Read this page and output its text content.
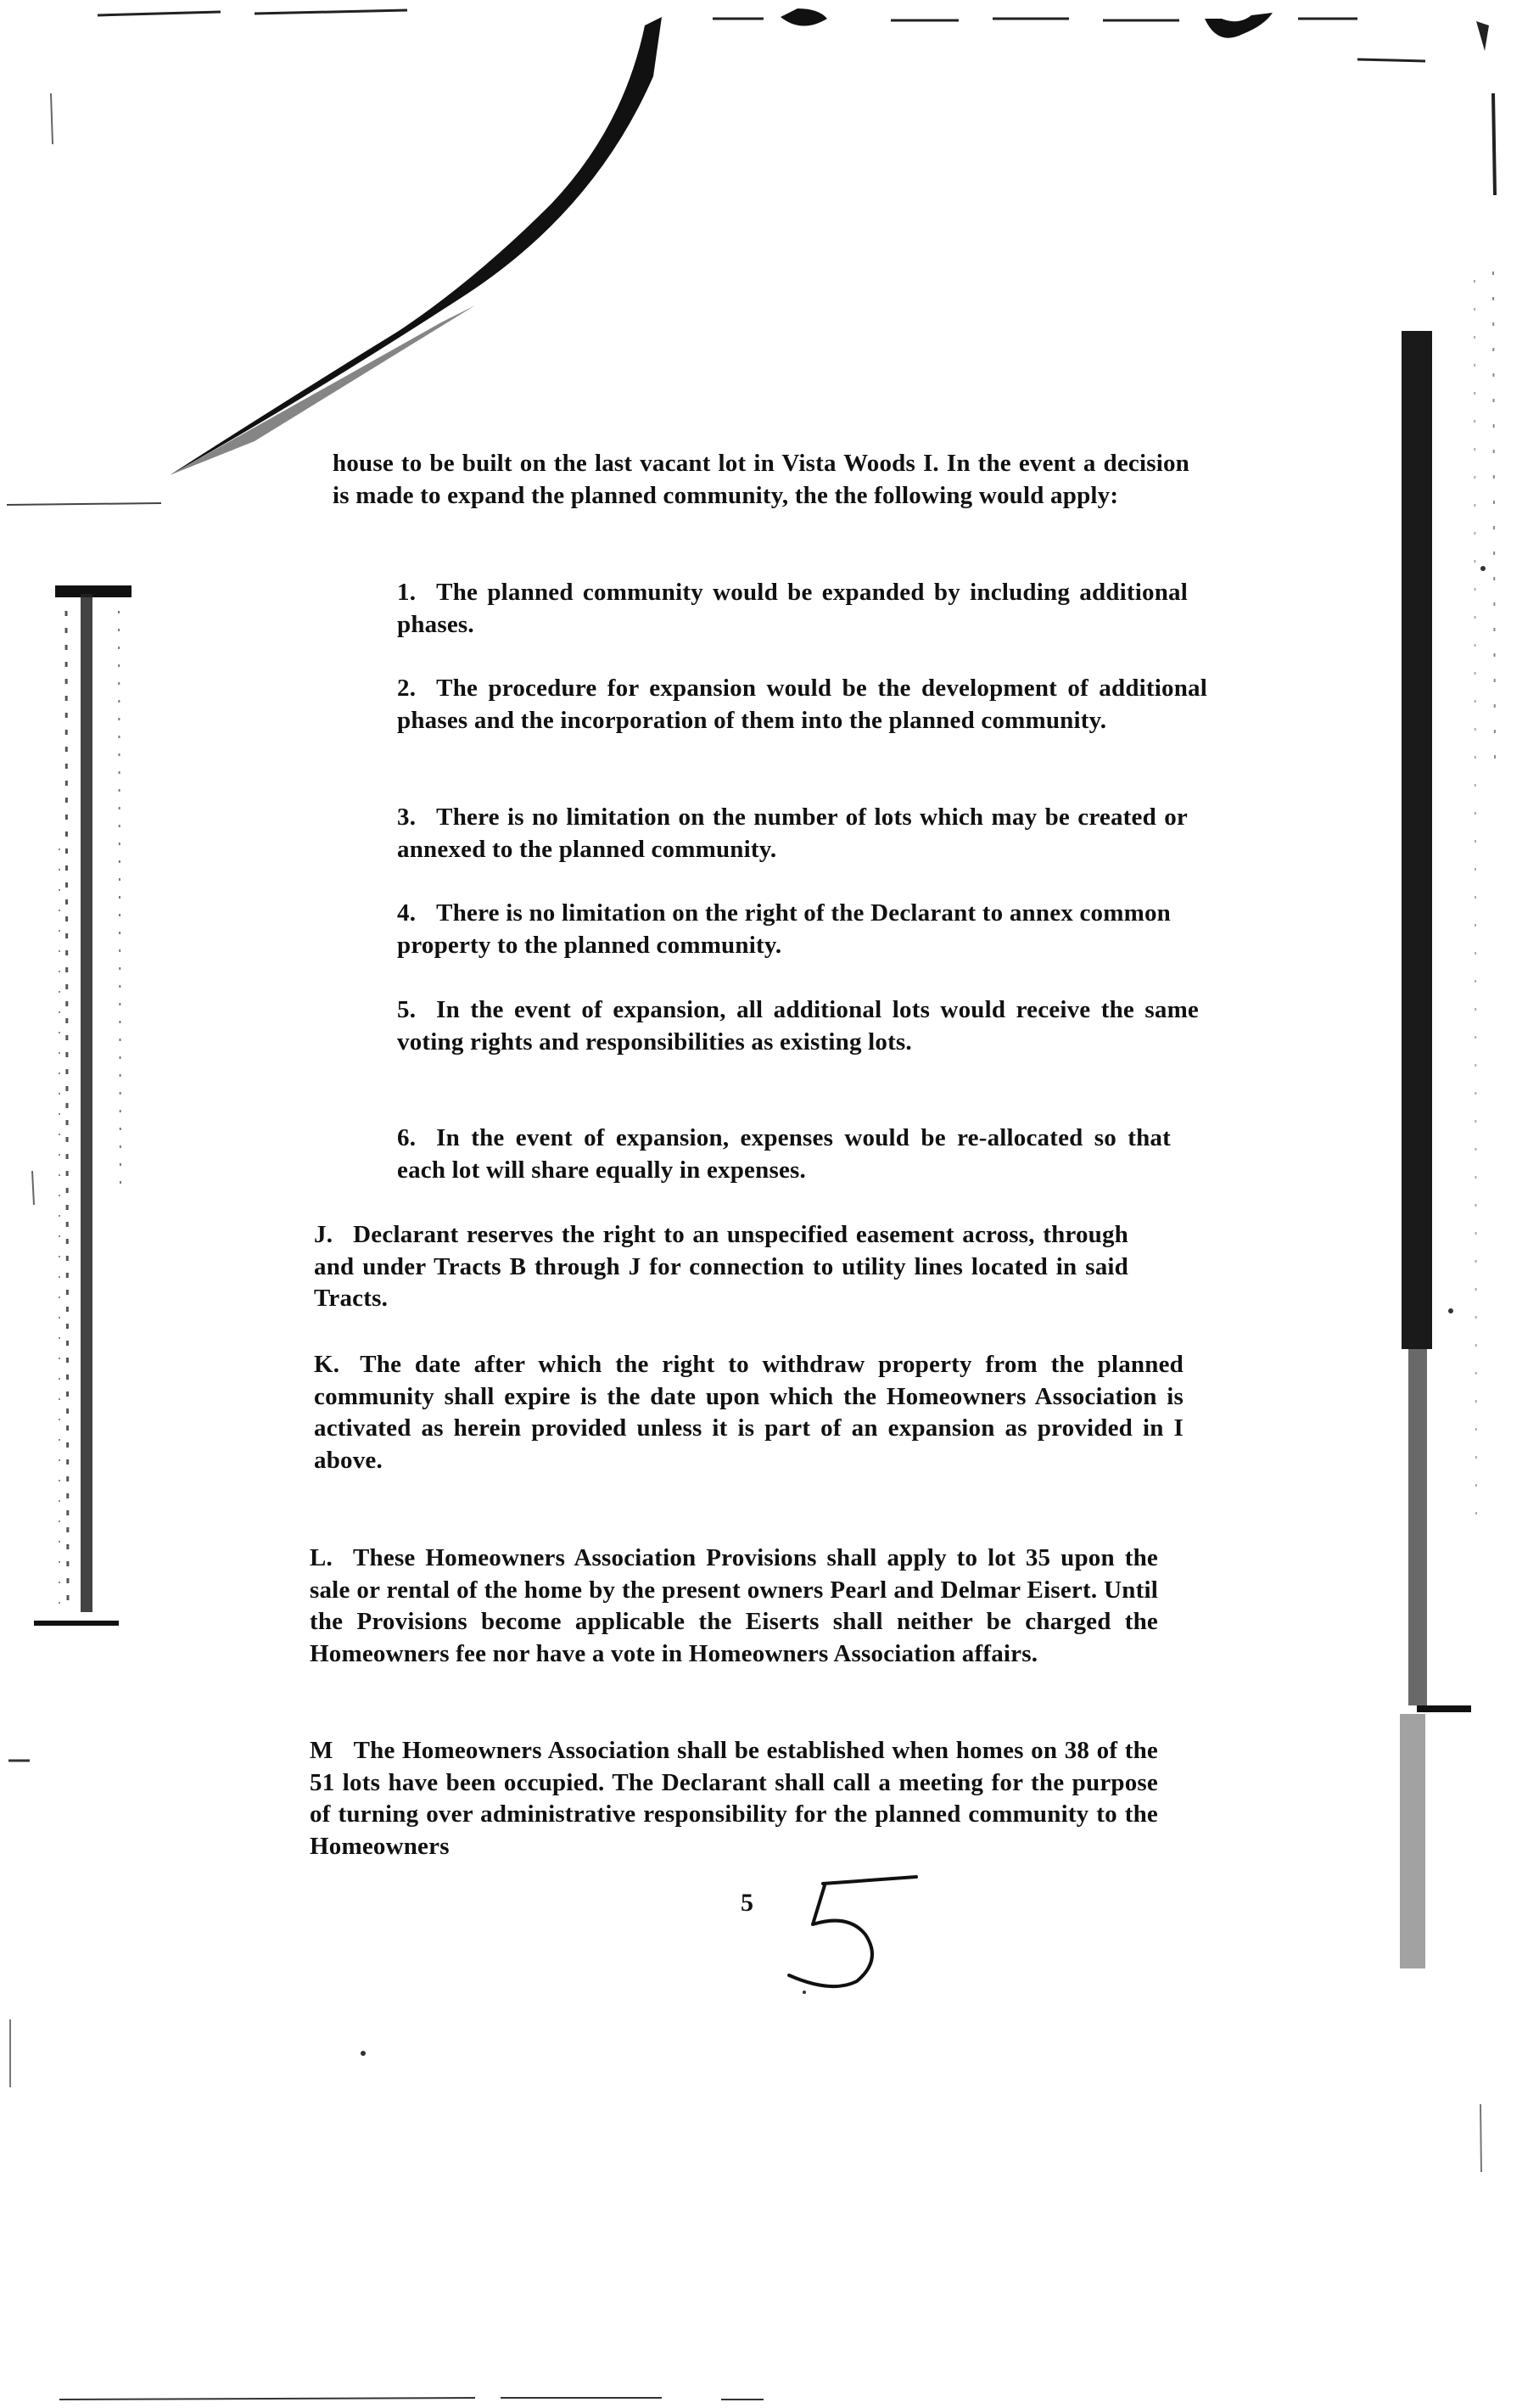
house to be built on the last vacant lot in Vista Woods I. In the event a decision is made to expand the planned community, the the following would apply:
1. The planned community would be expanded by including additional phases.
2. The procedure for expansion would be the development of additional phases and the incorporation of them into the planned community.
3. There is no limitation on the number of lots which may be created or annexed to the planned community.
4. There is no limitation on the right of the Declarant to annex common property to the planned community.
5. In the event of expansion, all additional lots would receive the same voting rights and responsibilities as existing lots.
6. In the event of expansion, expenses would be re-allocated so that each lot will share equally in expenses.
J. Declarant reserves the right to an unspecified easement across, through and under Tracts B through J for connection to utility lines located in said Tracts.
K. The date after which the right to withdraw property from the planned community shall expire is the date upon which the Homeowners Association is activated as herein provided unless it is part of an expansion as provided in I above.
L. These Homeowners Association Provisions shall apply to lot 35 upon the sale or rental of the home by the present owners Pearl and Delmar Eisert. Until the Provisions become applicable the Eiserts shall neither be charged the Homeowners fee nor have a vote in Homeowners Association affairs.
M The Homeowners Association shall be established when homes on 38 of the 51 lots have been occupied. The Declarant shall call a meeting for the purpose of turning over administrative responsibility for the planned community to the Homeowners
5
